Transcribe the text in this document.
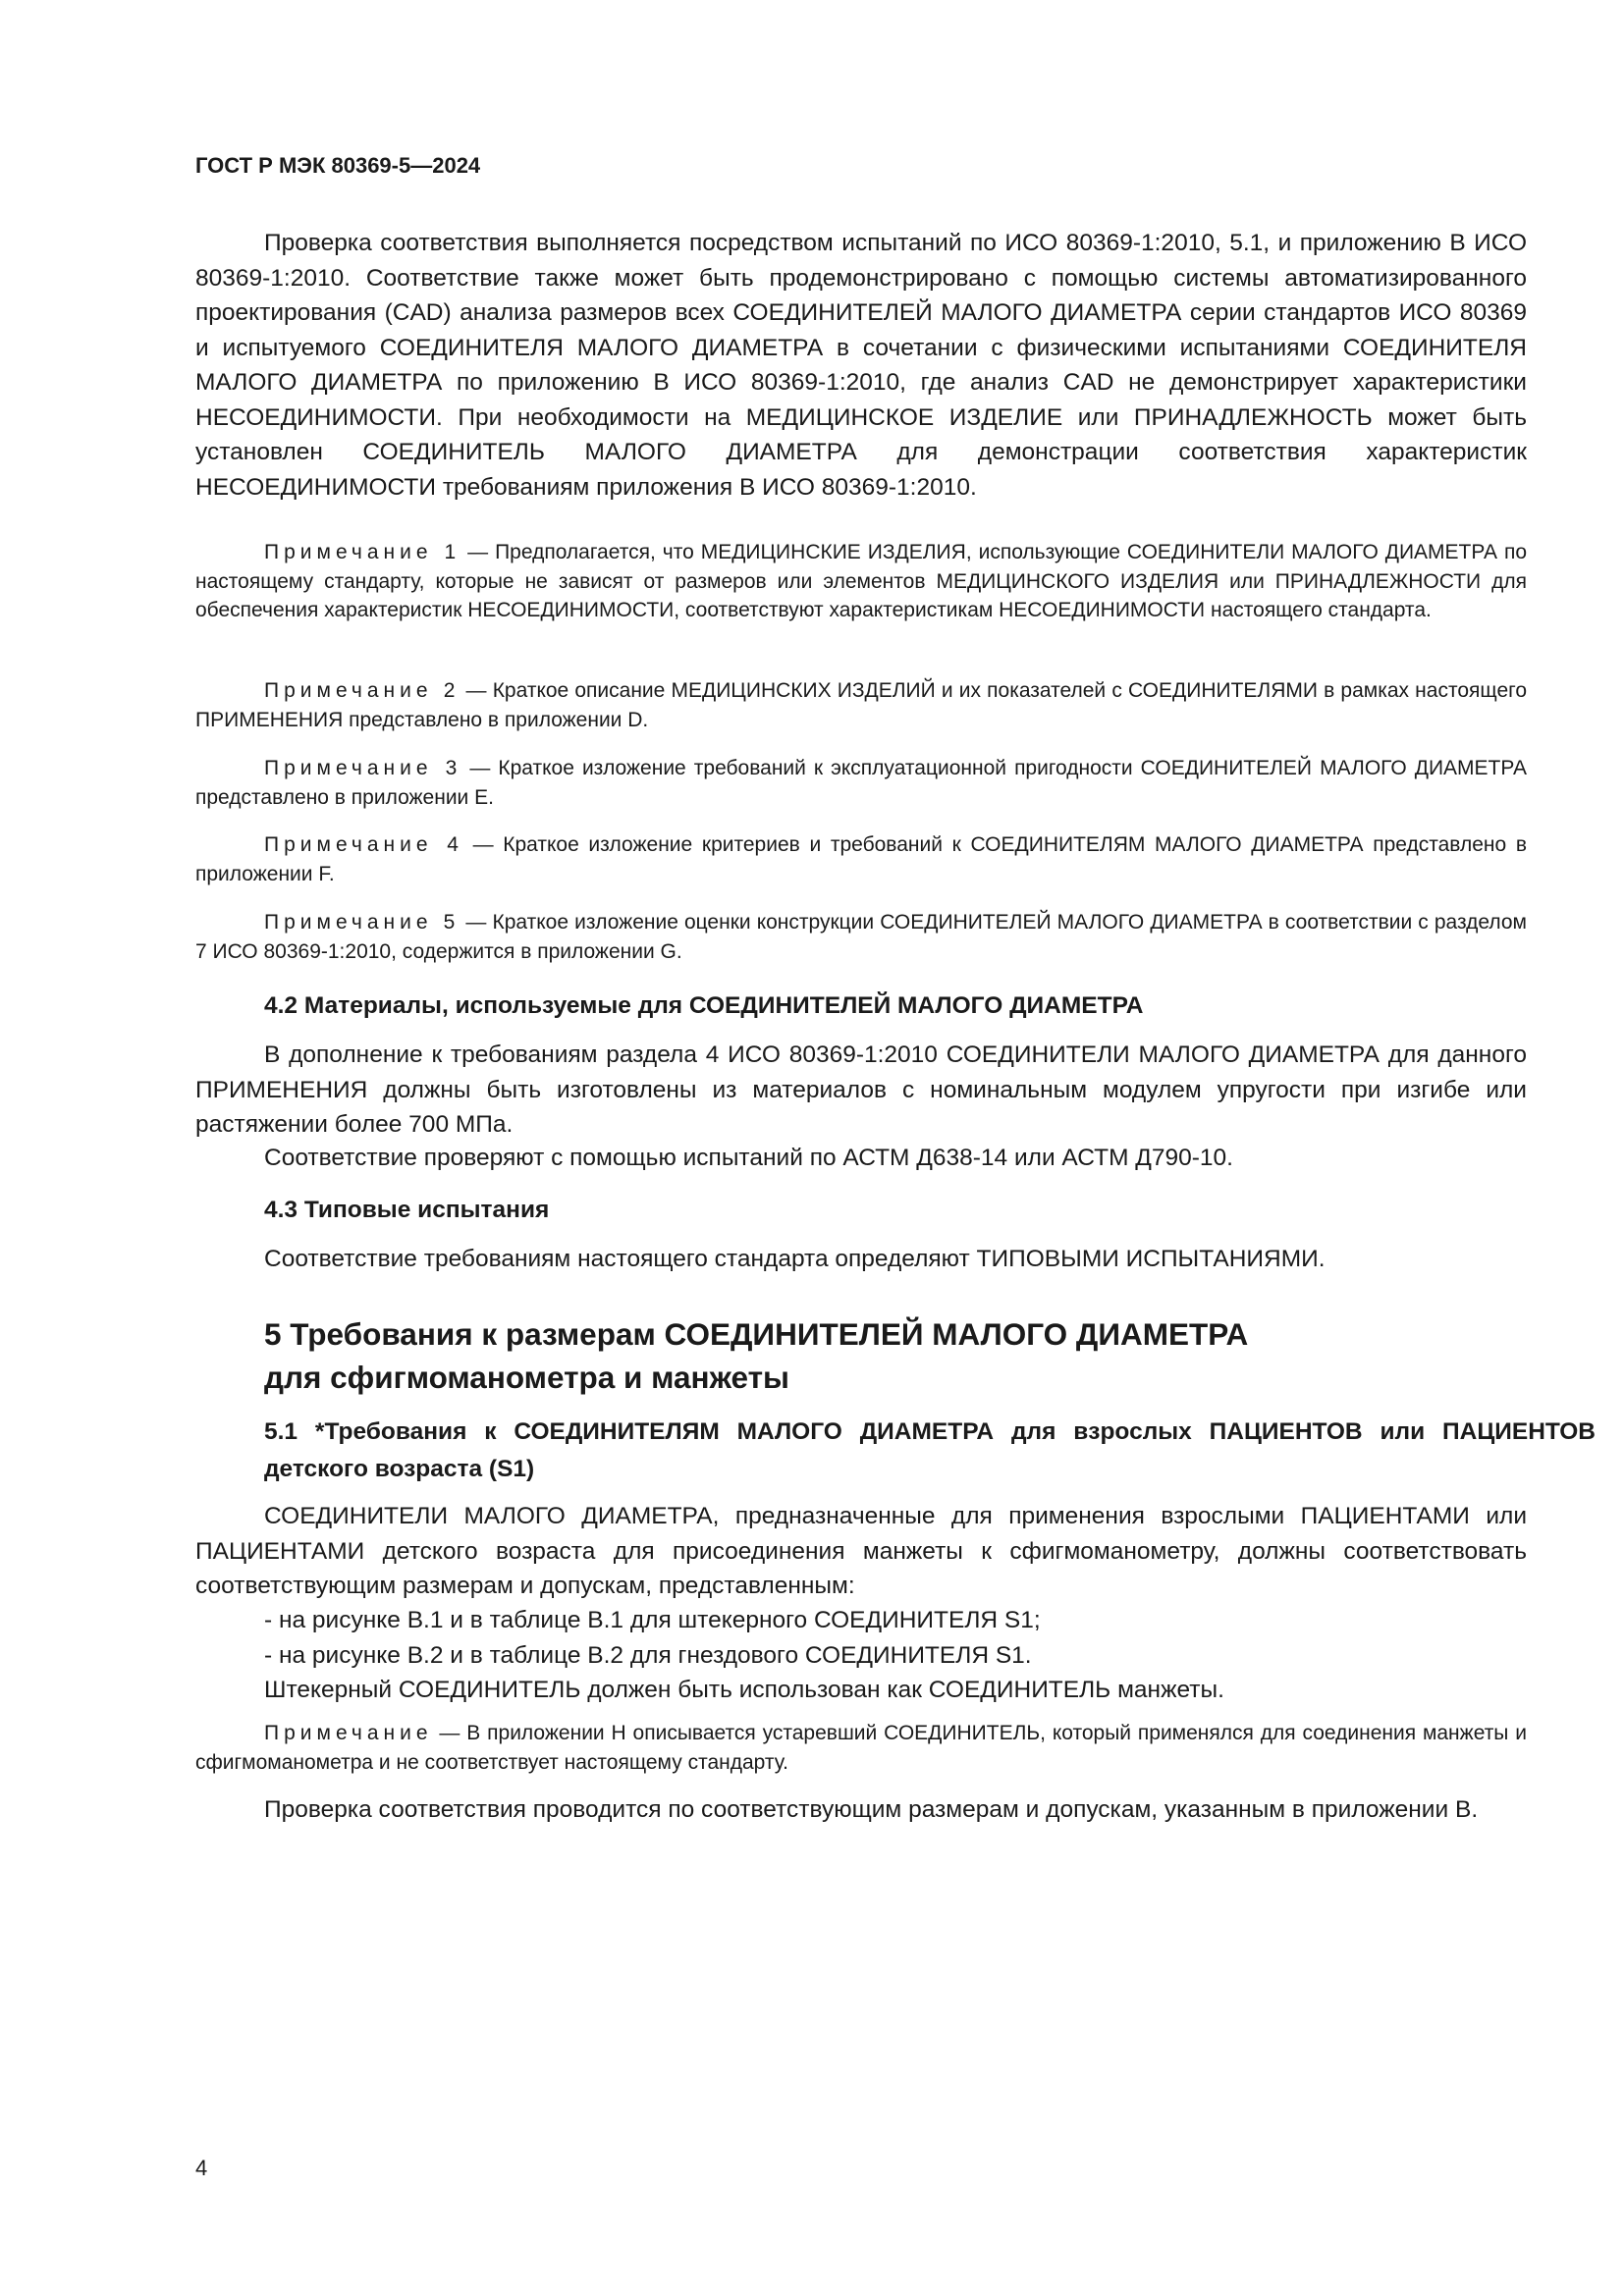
ГОСТ Р МЭК 80369-5—2024

Проверка соответствия выполняется посредством испытаний по ИСО 80369-1:2010, 5.1, и приложению В ИСО 80369-1:2010. Соответствие также может быть продемонстрировано с помощью системы автоматизированного проектирования (CAD) анализа размеров всех СОЕДИНИТЕЛЕЙ МАЛОГО ДИАМЕТРА серии стандартов ИСО 80369 и испытуемого СОЕДИНИТЕЛЯ МАЛОГО ДИАМЕТРА в сочетании с физическими испытаниями СОЕДИНИТЕЛЯ МАЛОГО ДИАМЕТРА по приложению В ИСО 80369-1:2010, где анализ CAD не демонстрирует характеристики НЕСОЕДИНИМОСТИ. При необходимости на МЕДИЦИНСКОЕ ИЗДЕЛИЕ или ПРИНАДЛЕЖНОСТЬ может быть установлен СОЕДИНИТЕЛЬ МАЛОГО ДИАМЕТРА для демонстрации соответствия характеристик НЕСОЕДИНИМОСТИ требованиям приложения В ИСО 80369-1:2010.

Примечание 1 — Предполагается, что МЕДИЦИНСКИЕ ИЗДЕЛИЯ, использующие СОЕДИНИТЕЛИ МАЛОГО ДИАМЕТРА по настоящему стандарту, которые не зависят от размеров или элементов МЕДИЦИНСКОГО ИЗДЕЛИЯ или ПРИНАДЛЕЖНОСТИ для обеспечения характеристик НЕСОЕДИНИМОСТИ, соответствуют характеристикам НЕСОЕДИНИМОСТИ настоящего стандарта.

Примечание 2 — Краткое описание МЕДИЦИНСКИХ ИЗДЕЛИЙ и их показателей с СОЕДИНИТЕЛЯМИ в рамках настоящего ПРИМЕНЕНИЯ представлено в приложении D.

Примечание 3 — Краткое изложение требований к эксплуатационной пригодности СОЕДИНИТЕЛЕЙ МАЛОГО ДИАМЕТРА представлено в приложении Е.

Примечание 4 — Краткое изложение критериев и требований к СОЕДИНИТЕЛЯМ МАЛОГО ДИАМЕТРА представлено в приложении F.

Примечание 5 — Краткое изложение оценки конструкции СОЕДИНИТЕЛЕЙ МАЛОГО ДИАМЕТРА в соответствии с разделом 7 ИСО 80369-1:2010, содержится в приложении G.

4.2 Материалы, используемые для СОЕДИНИТЕЛЕЙ МАЛОГО ДИАМЕТРА

В дополнение к требованиям раздела 4 ИСО 80369-1:2010 СОЕДИНИТЕЛИ МАЛОГО ДИАМЕТРА для данного ПРИМЕНЕНИЯ должны быть изготовлены из материалов с номинальным модулем упругости при изгибе или растяжении более 700 МПа.

Соответствие проверяют с помощью испытаний по АСТМ Д638-14 или АСТМ Д790-10.

4.3 Типовые испытания

Соответствие требованиям настоящего стандарта определяют ТИПОВЫМИ ИСПЫТАНИЯМИ.

5 Требования к размерам СОЕДИНИТЕЛЕЙ МАЛОГО ДИАМЕТРА
для сфигмоманометра и манжеты
5.1 *Требования к СОЕДИНИТЕЛЯМ МАЛОГО ДИАМЕТРА для взрослых ПАЦИЕНТОВ или ПАЦИЕНТОВ детского возраста (S1)

СОЕДИНИТЕЛИ МАЛОГО ДИАМЕТРА, предназначенные для применения взрослыми ПАЦИЕНТАМИ или ПАЦИЕНТАМИ детского возраста для присоединения манжеты к сфигмоманометру, должны соответствовать соответствующим размерам и допускам, представленным:

- на рисунке В.1 и в таблице В.1 для штекерного СОЕДИНИТЕЛЯ S1;

- на рисунке В.2 и в таблице В.2 для гнездового СОЕДИНИТЕЛЯ S1.

Штекерный СОЕДИНИТЕЛЬ должен быть использован как СОЕДИНИТЕЛЬ манжеты.

Примечание — В приложении Н описывается устаревший СОЕДИНИТЕЛЬ, который применялся для соединения манжеты и сфигмоманометра и не соответствует настоящему стандарту.

Проверка соответствия проводится по соответствующим размерам и допускам, указанным в приложении В.

4
